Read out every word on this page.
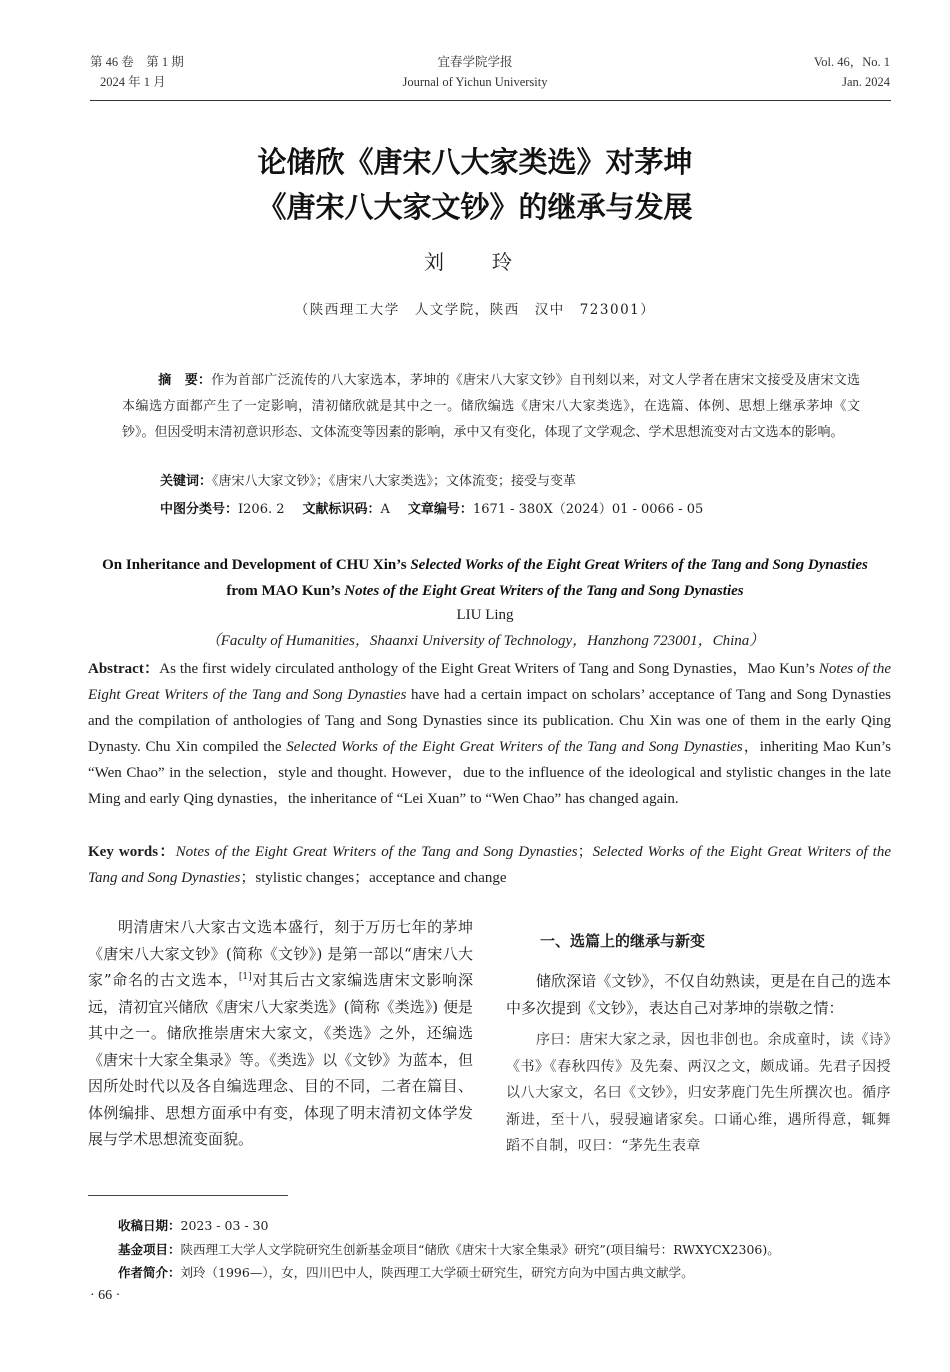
第 46 卷　第 1 期
2024 年 1 月
宜春学院学报
Journal of Yichun University
Vol. 46，No. 1
Jan. 2024
论储欣《唐宋八大家类选》对茅坤
《唐宋八大家文钞》的继承与发展
刘　玲
（陕西理工大学　人文学院，陕西　汉中　723001）
摘　要：作为首部广泛流传的八大家选本，茅坤的《唐宋八大家文钞》自刊刻以来，对文人学者在唐宋文接受及唐宋文选本编选方面都产生了一定影响，清初储欣就是其中之一。储欣编选《唐宋八大家类选》，在选篇、体例、思想上继承茅坤《文钞》。但因受明末清初意识形态、文体流变等因素的影响，承中又有变化，体现了文学观念、学术思想流变对古文选本的影响。
关键词：《唐宋八大家文钞》；《唐宋八大家类选》；文体流变；接受与变革
中图分类号：I206. 2 文献标识码：A 文章编号：1671 - 380X（2024）01 - 0066 - 05
On Inheritance and Development of CHU Xin’s Selected Works of the Eight Great Writers of the Tang and Song Dynasties from MAO Kun’s Notes of the Eight Great Writers of the Tang and Song Dynasties
LIU Ling
（Faculty of Humanities，Shaanxi University of Technology，Hanzhong 723001，China）
Abstract：As the first widely circulated anthology of the Eight Great Writers of Tang and Song Dynasties，Mao Kun’s Notes of the Eight Great Writers of the Tang and Song Dynasties have had a certain impact on scholars’ acceptance of Tang and Song Dynasties and the compilation of anthologies of Tang and Song Dynasties since its publication. Chu Xin was one of them in the early Qing Dynasty. Chu Xin compiled the Selected Works of the Eight Great Writers of the Tang and Song Dynasties，inheriting Mao Kun’s “Wen Chao” in the selection，style and thought. However，due to the influence of the ideological and stylistic changes in the late Ming and early Qing dynasties，the inheritance of “Lei Xuan” to “Wen Chao” has changed again.
Key words：Notes of the Eight Great Writers of the Tang and Song Dynasties；Selected Works of the Eight Great Writers of the Tang and Song Dynasties；stylistic changes；acceptance and change
明清唐宋八大家古文选本盛行，刻于万历七年的茅坤《唐宋八大家文钞》(简称《文钞》) 是第一部以“唐宋八大家”命名的古文选本，[1]对其后古文家编选唐宋文影响深远，清初宜兴储欣《唐宋八大家类选》(简称《类选》) 便是其中之一。储欣推崇唐宋大家文，《类选》之外，还编选《唐宋十大家全集录》等。《类选》以《文钞》为蓝本，但因所处时代以及各自编选理念、目的不同，二者在篇目、体例编排、思想方面承中有变，体现了明末清初文体学发展与学术思想流变面貌。
一、选篇上的继承与新变
储欣深谙《文钞》，不仅自幼熟读，更是在自己的选本中多次提到《文钞》，表达自己对茅坤的崇敬之情：
序曰：唐宋大家之录，因也非创也。余成童时，读《诗》《书》《春秋四传》及先秦、两汉之文，颇成诵。先君子因授以八大家文，名曰《文钞》，归安茅鹿门先生所撰次也。循序渐进，至十八，骎骎遍诸家矣。口诵心维，遇所得意，辄舞蹈不自制，叹曰：“茅先生表章
收稿日期：2023 - 03 - 30
基金项目：陕西理工大学人文学院研究生创新基金项目“储欣《唐宋十大家全集录》研究”(项目编号：RWXYCX2306)。
作者简介：刘玲（1996—），女，四川巴中人，陕西理工大学硕士研究生，研究方向为中国古典文献学。
· 66 ·
